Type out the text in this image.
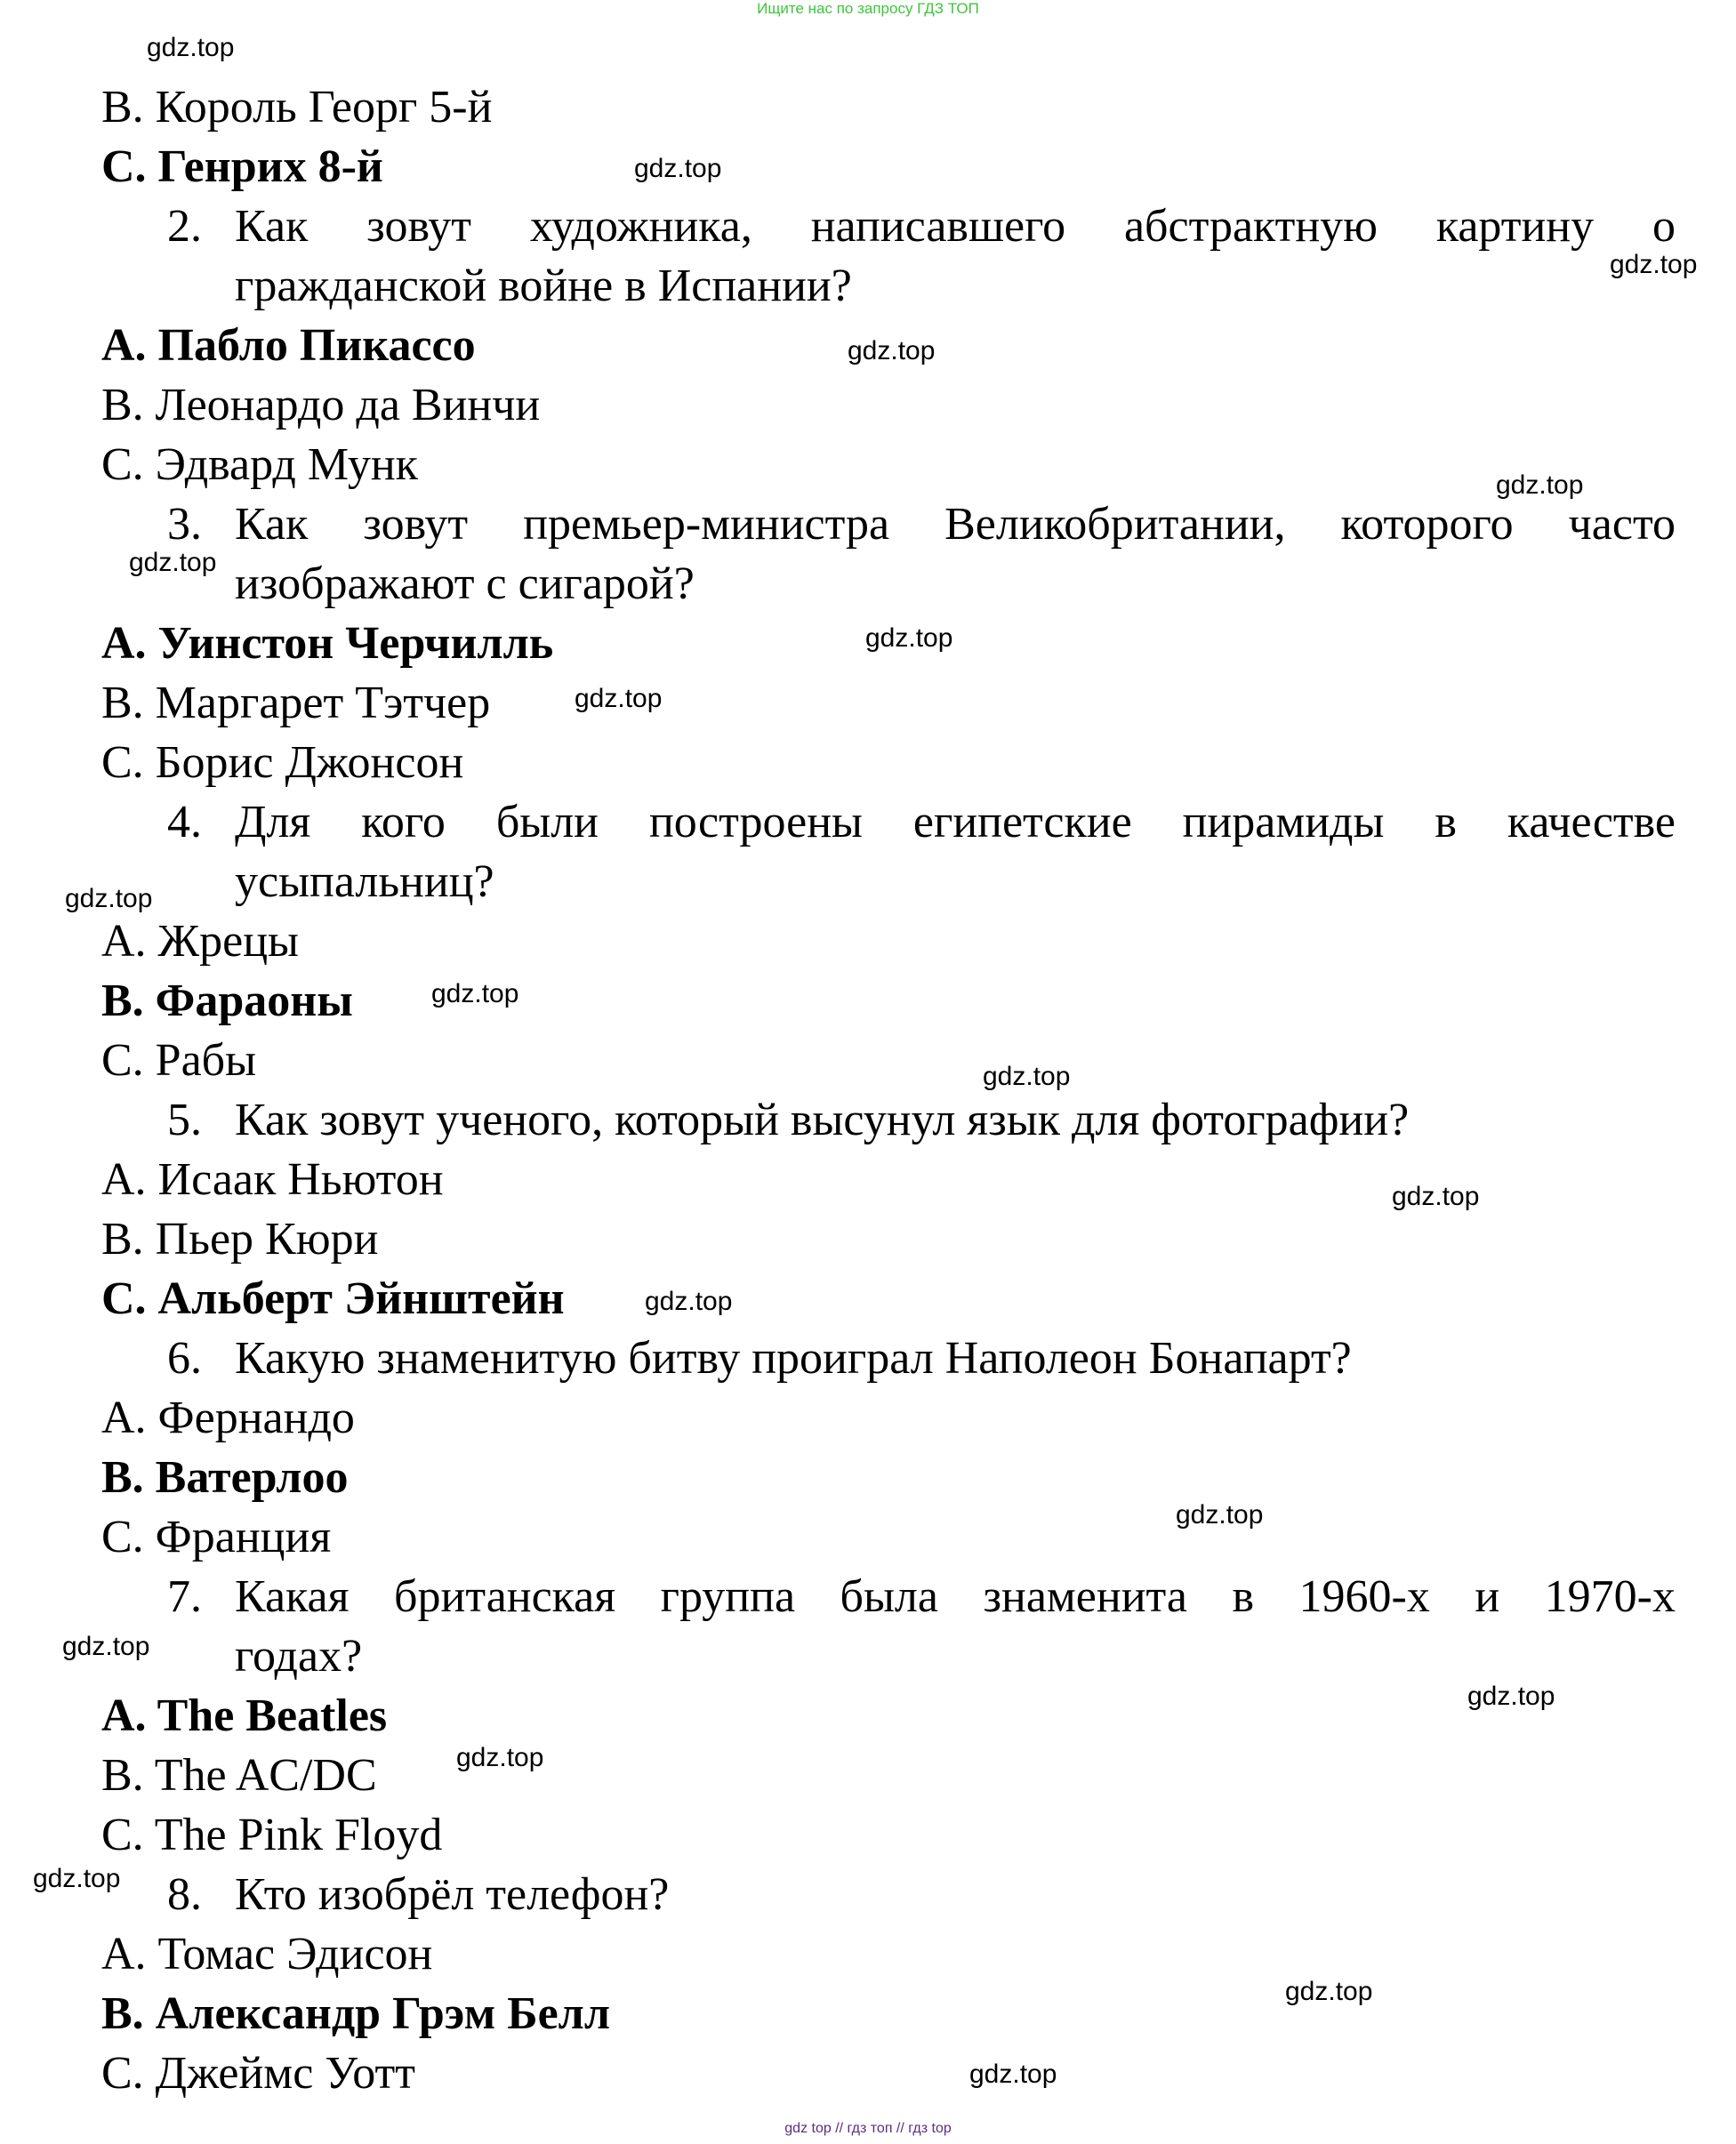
Ищите нас по запросу ГДЗ ТОП
B. Король Георг 5-й
C. Генрих 8-й
2. Как зовут художника, написавшего абстрактную картину о
гражданской войне в Испании?
A. Пабло Пикассо
B. Леонардо да Винчи
C. Эдвард Мунк
3. Как зовут премьер-министра Великобритании, которого часто
изображают с сигарой?
A. Уинстон Черчилль
B. Маргарет Тэтчер
C. Борис Джонсон
4. Для кого были построены египетские пирамиды в качестве
усыпальниц?
A. Жрецы
B. Фараоны
C. Рабы
5. Как зовут ученого, который высунул язык для фотографии?
A. Исаак Ньютон
B. Пьер Кюри
C. Альберт Эйнштейн
6. Какую знаменитую битву проиграл Наполеон Бонапарт?
A. Фернандо
B. Ватерлоо
C. Франция
7. Какая британская группа была знаменита в 1960-х и 1970-х
годах?
A. The Beatles
B. The AC/DC
C. The Pink Floyd
8. Кто изобрёл телефон?
A. Томас Эдисон
B. Александр Грэм Белл
C. Джеймс Уотт
gdz.top
gdz.top
gdz.top
gdz.top
gdz.top
gdz.top
gdz.top
gdz.top
gdz.top
gdz.top
gdz.top
gdz.top
gdz.top
gdz.top
gdz.top
gdz.top
gdz.top
gdz.top
gdz.top
gdz.top
gdz top // гдз топ // гдз top
